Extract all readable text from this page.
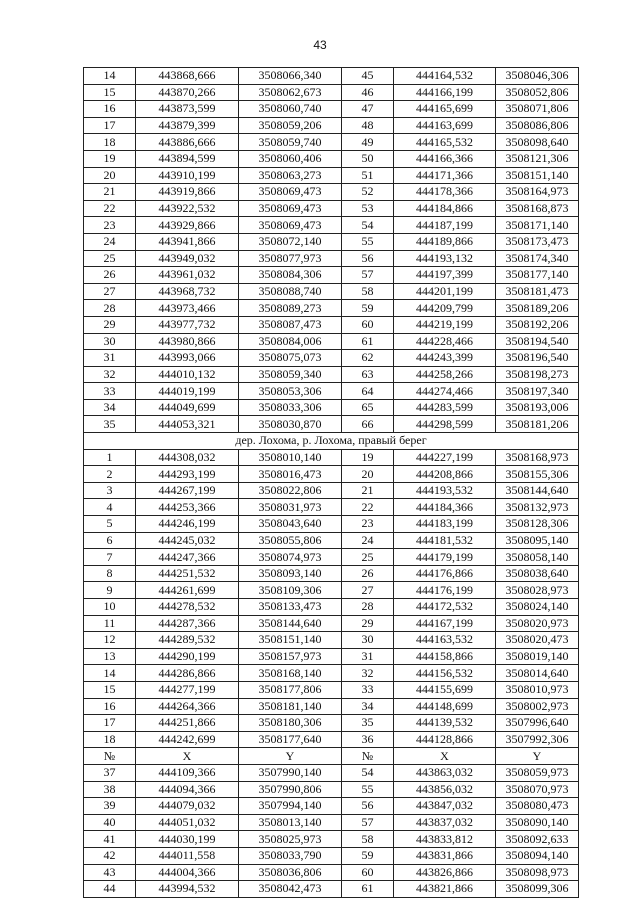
43
14	443868,666	3508066,340	45	444164,532	3508046,306
15	443870,266	3508062,673	46	444166,199	3508052,806
16	443873,599	3508060,740	47	444165,699	3508071,806
17	443879,399	3508059,206	48	444163,699	3508086,806
18	443886,666	3508059,740	49	444165,532	3508098,640
19	443894,599	3508060,406	50	444166,366	3508121,306
20	443910,199	3508063,273	51	444171,366	3508151,140
21	443919,866	3508069,473	52	444178,366	3508164,973
22	443922,532	3508069,473	53	444184,866	3508168,873
23	443929,866	3508069,473	54	444187,199	3508171,140
24	443941,866	3508072,140	55	444189,866	3508173,473
25	443949,032	3508077,973	56	444193,132	3508174,340
26	443961,032	3508084,306	57	444197,399	3508177,140
27	443968,732	3508088,740	58	444201,199	3508181,473
28	443973,466	3508089,273	59	444209,799	3508189,206
29	443977,732	3508087,473	60	444219,199	3508192,206
30	443980,866	3508084,006	61	444228,466	3508194,540
31	443993,066	3508075,073	62	444243,399	3508196,540
32	444010,132	3508059,340	63	444258,266	3508198,273
33	444019,199	3508053,306	64	444274,466	3508197,340
34	444049,699	3508033,306	65	444283,599	3508193,006
35	444053,321	3508030,870	66	444298,599	3508181,206
дер. Лохома, р. Лохома, правый берег					
1	444308,032	3508010,140	19	444227,199	3508168,973
2	444293,199	3508016,473	20	444208,866	3508155,306
3	444267,199	3508022,806	21	444193,532	3508144,640
4	444253,366	3508031,973	22	444184,366	3508132,973
5	444246,199	3508043,640	23	444183,199	3508128,306
6	444245,032	3508055,806	24	444181,532	3508095,140
7	444247,366	3508074,973	25	444179,199	3508058,140
8	444251,532	3508093,140	26	444176,866	3508038,640
9	444261,699	3508109,306	27	444176,199	3508028,973
10	444278,532	3508133,473	28	444172,532	3508024,140
11	444287,366	3508144,640	29	444167,199	3508020,973
12	444289,532	3508151,140	30	444163,532	3508020,473
13	444290,199	3508157,973	31	444158,866	3508019,140
14	444286,866	3508168,140	32	444156,532	3508014,640
15	444277,199	3508177,806	33	444155,699	3508010,973
16	444264,366	3508181,140	34	444148,699	3508002,973
17	444251,866	3508180,306	35	444139,532	3507996,640
18	444242,699	3508177,640	36	444128,866	3507992,306
№	X	Y	№	X	Y
37	444109,366	3507990,140	54	443863,032	3508059,973
38	444094,366	3507990,806	55	443856,032	3508070,973
39	444079,032	3507994,140	56	443847,032	3508080,473
40	444051,032	3508013,140	57	443837,032	3508090,140
41	444030,199	3508025,973	58	443833,812	3508092,633
42	444011,558	3508033,790	59	443831,866	3508094,140
43	444004,366	3508036,806	60	443826,866	3508098,973
44	443994,532	3508042,473	61	443821,866	3508099,306
